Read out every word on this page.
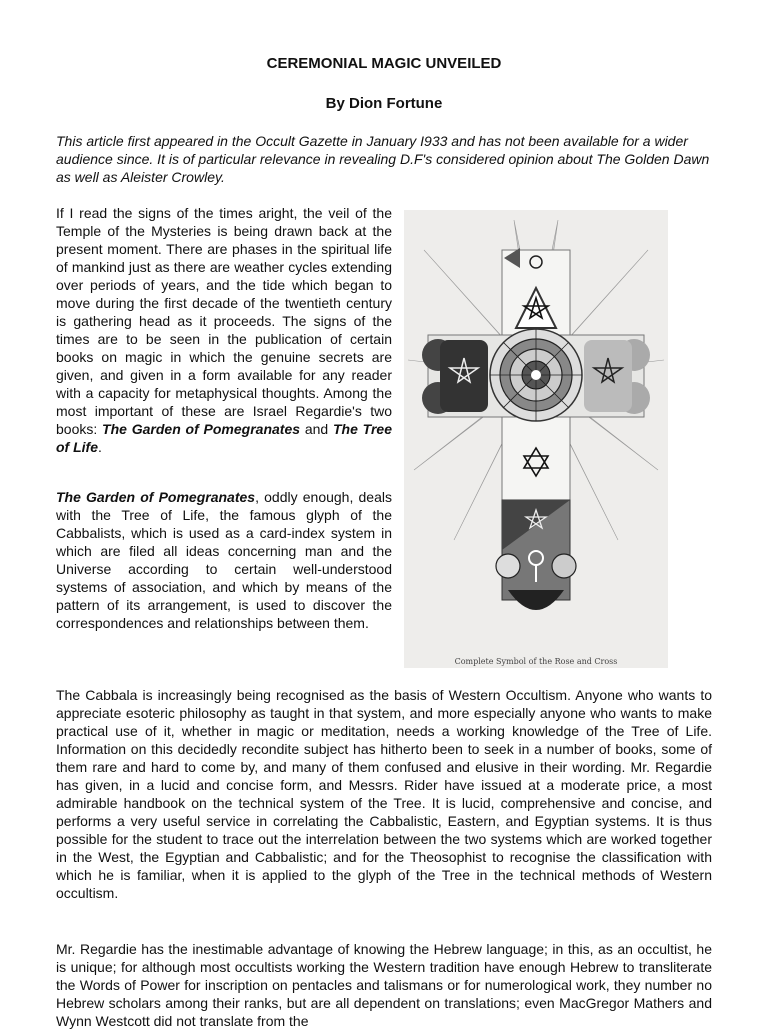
CEREMONIAL MAGIC UNVEILED
By Dion Fortune

This article first appeared in the Occult Gazette in January I933 and has not been available for a wider audience since. It is of particular relevance in revealing D.F's considered opinion about The Golden Dawn as well as Aleister Crowley.

If I read the signs of the times aright, the veil of the Temple of the Mysteries is being drawn back at the present moment. There are phases in the spiritual life of mankind just as there are weather cycles extending over periods of years, and the tide which began to move during the first decade of the twentieth century is gathering head as it proceeds. The signs of the times are to be seen in the publication of certain books on magic in which the genuine secrets are given, and given in a form available for any reader with a capacity for metaphysical thoughts. Among the most important of these are Israel Regardie's two books: The Garden of Pomegranates and The Tree of Life.

The Garden of Pomegranates, oddly enough, deals with the Tree of Life, the famous glyph of the Cabbalists, which is used as a card-index system in which are filed all ideas concerning man and the Universe according to certain well-understood systems of association, and which by means of the pattern of its arrangement, is used to discover the correspondences and relationships between them.

The Cabbala is increasingly being recognised as the basis of Western Occultism. Anyone who wants to appreciate esoteric philosophy as taught in that system, and more especially anyone who wants to make practical use of it, whether in magic or meditation, needs a working knowledge of the Tree of Life. Information on this decidedly recondite subject has hitherto been to seek in a number of books, some of them rare and hard to come by, and many of them confused and elusive in their wording. Mr. Regardie has given, in a lucid and concise form, and Messrs. Rider have issued at a moderate price, a most admirable handbook on the technical system of the Tree. It is lucid, comprehensive and concise, and performs a very useful service in correlating the Cabbalistic, Eastern, and Egyptian systems. It is thus possible for the student to trace out the interrelation between the two systems which are worked together in the West, the Egyptian and Cabbalistic; and for the Theosophist to recognise the classification with which he is familiar, when it is applied to the glyph of the Tree in the technical methods of Western occultism.

Mr. Regardie has the inestimable advantage of knowing the Hebrew language; in this, as an occultist, he is unique; for although most occultists working the Western tradition have enough Hebrew to transliterate the Words of Power for inscription on pentacles and talismans or for numerological work, they number no Hebrew scholars among their ranks, but are all dependent on translations; even MacGregor Mathers and Wynn Westcott did not translate from the

Complete Symbol of the Rose and Cross
